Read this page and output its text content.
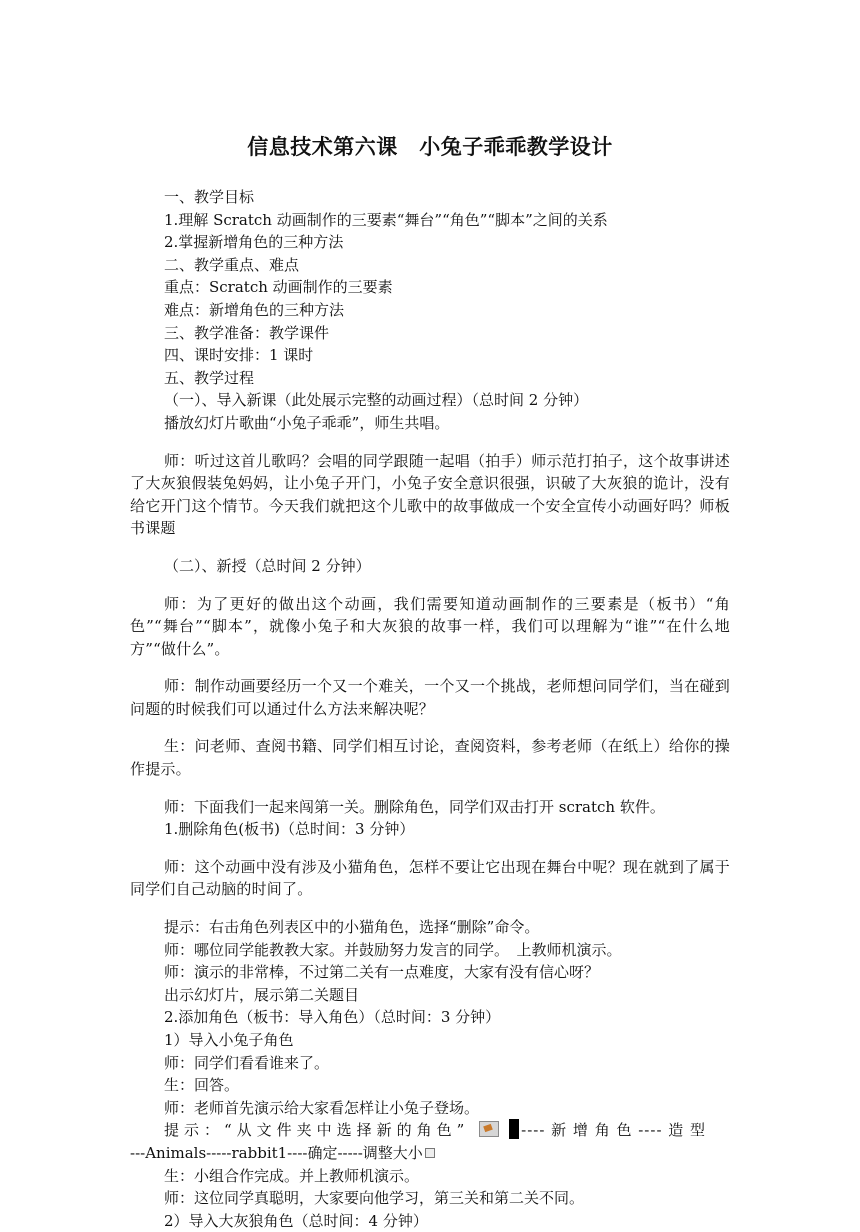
信息技术第六课　小兔子乖乖教学设计

一、教学目标

1.理解 Scratch 动画制作的三要素“舞台”“角色”“脚本”之间的关系

2.掌握新增角色的三种方法

二、教学重点、难点

重点：Scratch 动画制作的三要素

难点：新增角色的三种方法

三、教学准备：教学课件

四、课时安排：1 课时

五、教学过程

（一）、导入新课（此处展示完整的动画过程）（总时间 2 分钟）

播放幻灯片歌曲“小兔子乖乖”，师生共唱。

师：听过这首儿歌吗？会唱的同学跟随一起唱（拍手）师示范打拍子，这个故事讲述了大灰狼假装兔妈妈，让小兔子开门，小兔子安全意识很强，识破了大灰狼的诡计，没有给它开门这个情节。今天我们就把这个儿歌中的故事做成一个安全宣传小动画好吗？师板书课题

（二）、新授（总时间 2 分钟）

师：为了更好的做出这个动画，我们需要知道动画制作的三要素是（板书）“角色”“舞台”“脚本”，就像小兔子和大灰狼的故事一样，我们可以理解为“谁”“在什么地方”“做什么”。

师：制作动画要经历一个又一个难关，一个又一个挑战，老师想问同学们，当在碰到问题的时候我们可以通过什么方法来解决呢？

生：问老师、查阅书籍、同学们相互讨论，查阅资料，参考老师（在纸上）给你的操作提示。

师：下面我们一起来闯第一关。删除角色，同学们双击打开 scratch 软件。

1.删除角色(板书)（总时间：3 分钟）

师：这个动画中没有涉及小猫角色，怎样不要让它出现在舞台中呢？现在就到了属于同学们自己动脑的时间了。

提示：右击角色列表区中的小猫角色，选择“删除”命令。

师：哪位同学能教教大家。并鼓励努力发言的同学。　上教师机演示。

师：演示的非常棒，不过第二关有一点难度，大家有没有信心呀？

出示幻灯片，展示第二关题目

2.添加角色（板书：导入角色）（总时间：3 分钟）

1）导入小兔子角色

师：同学们看看谁来了。

生：回答。

师：老师首先演示给大家看怎样让小兔子登场。

提示：“从文件夹中选择新的角色”	---- 新 增 角 色 ---- 造 型

---Animals-----rabbit1----确定-----调整大小

生：小组合作完成。并上教师机演示。

师：这位同学真聪明，大家要向他学习，第三关和第二关不同。

2）导入大灰狼角色（总时间：4 分钟）
